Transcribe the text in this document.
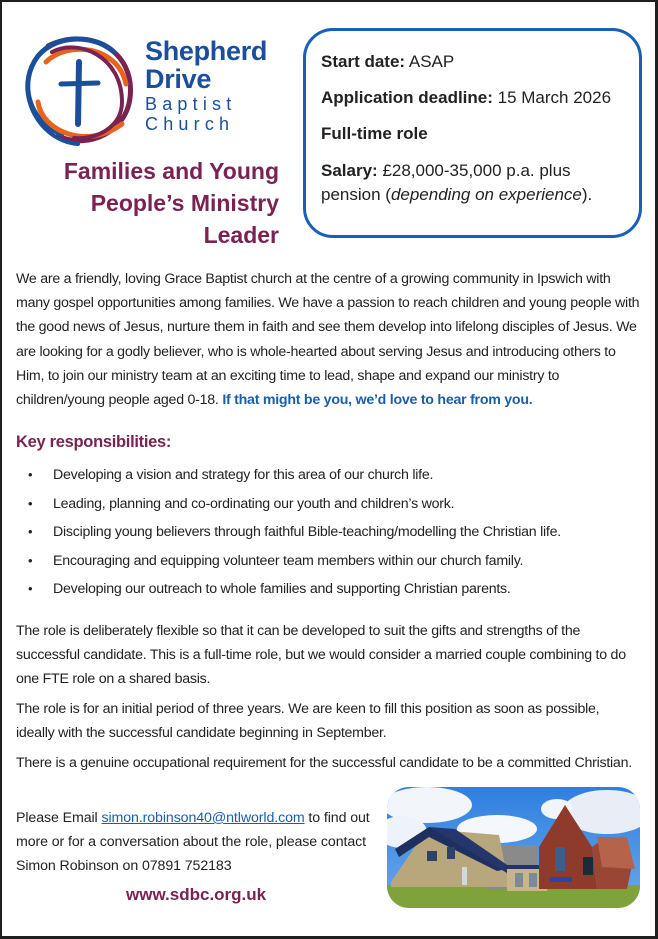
Shepherd
Drive
Baptist
Church
Families and Young
People’s Ministry
Leader

Start date: ASAP

Application deadline: 15 March 2026

Full-time role

Salary: £28,000-35,000 p.a. plus pension (depending on experience).

We are a friendly, loving Grace Baptist church at the centre of a growing community in Ipswich with many gospel opportunities among families. We have a passion to reach children and young people with the good news of Jesus, nurture them in faith and see them develop into lifelong disciples of Jesus. We are looking for a godly believer, who is whole-hearted about serving Jesus and introducing others to Him, to join our ministry team at an exciting time to lead, shape and expand our ministry to children/young people aged 0-18. If that might be you, we’d love to hear from you.

Key responsibilities:
• Developing a vision and strategy for this area of our church life.
• Leading, planning and co-ordinating our youth and children’s work.
• Discipling young believers through faithful Bible-teaching/modelling the Christian life.
• Encouraging and equipping volunteer team members within our church family.
• Developing our outreach to whole families and supporting Christian parents.

The role is deliberately flexible so that it can be developed to suit the gifts and strengths of the successful candidate. This is a full-time role, but we would consider a married couple combining to do one FTE role on a shared basis.

The role is for an initial period of three years. We are keen to fill this position as soon as possible, ideally with the successful candidate beginning in September.

There is a genuine occupational requirement for the successful candidate to be a committed Christian.

Please Email simon.robinson40@ntlworld.com to find out more or for a conversation about the role, please contact Simon Robinson on 07891 752183

www.sdbc.org.uk
